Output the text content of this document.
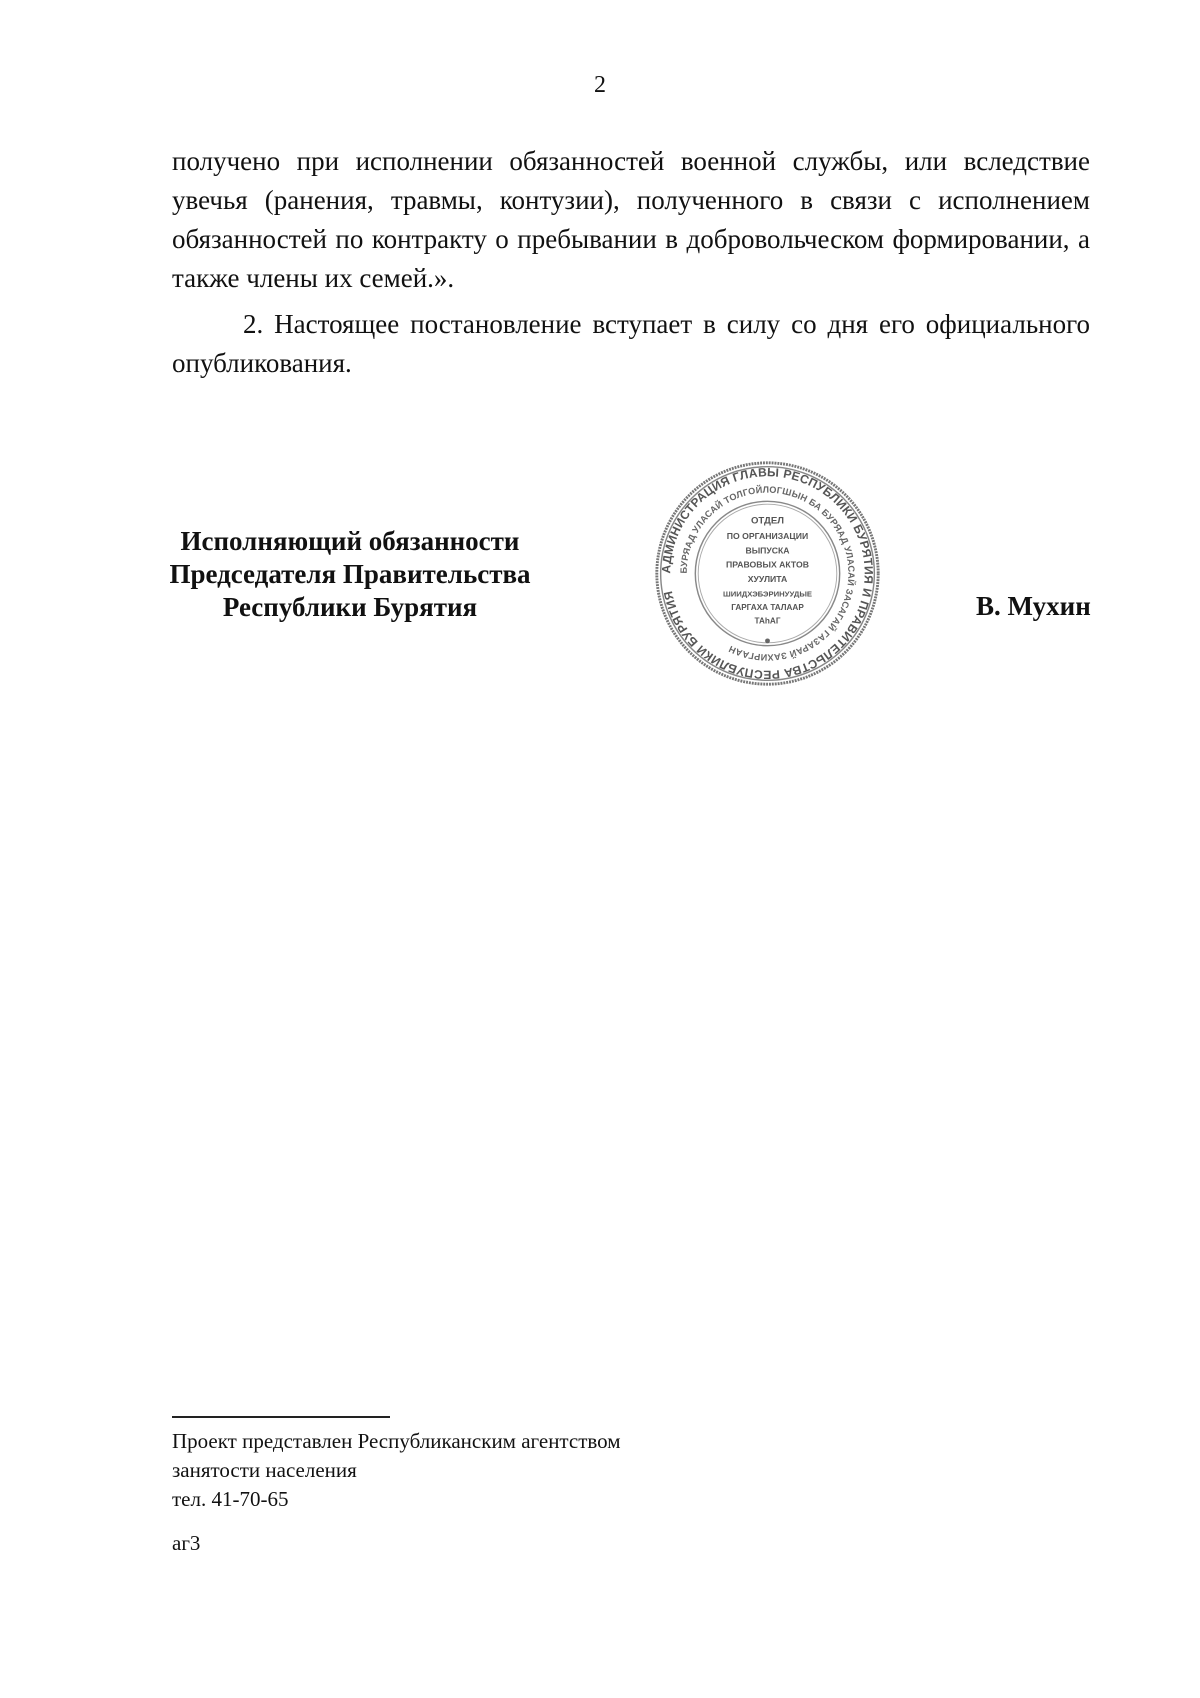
2

получено при исполнении обязанностей военной службы, или вследствие увечья (ранения, травмы, контузии), полученного в связи с исполнением обязанностей по контракту о пребывании в добровольческом формировании, а также члены их семей.».

2. Настоящее постановление вступает в силу со дня его официального опубликования.

Исполняющий обязанности
Председателя Правительства
Республики Бурятия
АДМИНИСТРАЦИЯ ГЛАВЫ РЕСПУБЛИКИ БУРЯТИЯ И ПРАВИТЕЛЬСТВА РЕСПУБЛИКИ БУРЯТИЯ
БУРЯАД УЛАСАЙ ТОЛГОЙЛОГШЫН БА БУРЯАД УЛАСАЙ ЗАСАГАЙ ГАЗАРАЙ ЗАХИРГААН
ОТДЕЛ
ПО ОРГАНИЗАЦИИ
ВЫПУСКА
ПРАВОВЫХ АКТОВ
ХУУЛИТА
ШИИДХЭБЭРИНУУДЫЕ
ГАРГАХА ТАЛААР
ТАһАГ
В. Мухин
Проект представлен Республиканским агентством
занятости населения
тел. 41-70-65
аг3
